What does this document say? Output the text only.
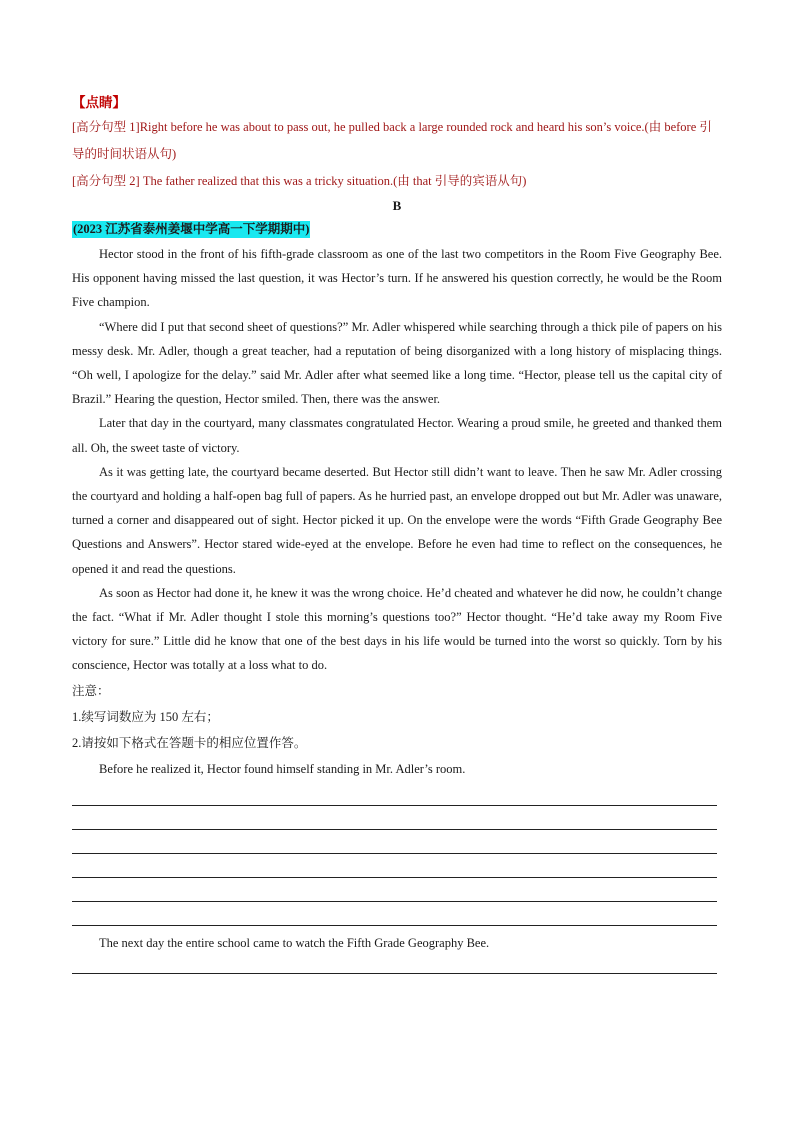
【点睛】
[高分句型 1]Right before he was about to pass out, he pulled back a large rounded rock and heard his son’s voice.(由 before 引导的时间状语从句)
[高分句型 2] The father realized that this was a tricky situation.(由 that 引导的宾语从句)
B
(2023 江苏省泰州姜堰中学高一下学期期中)

Hector stood in the front of his fifth-grade classroom as one of the last two competitors in the Room Five Geography Bee. His opponent having missed the last question, it was Hector’s turn. If he answered his question correctly, he would be the Room Five champion.

“Where did I put that second sheet of questions?” Mr. Adler whispered while searching through a thick pile of papers on his messy desk. Mr. Adler, though a great teacher, had a reputation of being disorganized with a long history of misplacing things. “Oh well, I apologize for the delay.” said Mr. Adler after what seemed like a long time. “Hector, please tell us the capital city of Brazil.” Hearing the question, Hector smiled. Then, there was the answer.

Later that day in the courtyard, many classmates congratulated Hector. Wearing a proud smile, he greeted and thanked them all. Oh, the sweet taste of victory.

As it was getting late, the courtyard became deserted. But Hector still didn’t want to leave. Then he saw Mr. Adler crossing the courtyard and holding a half-open bag full of papers. As he hurried past, an envelope dropped out but Mr. Adler was unaware, turned a corner and disappeared out of sight. Hector picked it up. On the envelope were the words “Fifth Grade Geography Bee Questions and Answers”. Hector stared wide-eyed at the envelope. Before he even had time to reflect on the consequences, he opened it and read the questions.

As soon as Hector had done it, he knew it was the wrong choice. He’d cheated and whatever he did now, he couldn’t change the fact. “What if Mr. Adler thought I stole this morning’s questions too?” Hector thought. “He’d take away my Room Five victory for sure.” Little did he know that one of the best days in his life would be turned into the worst so quickly. Torn by his conscience, Hector was totally at a loss what to do.

注意：

1.续写词数应为 150 左右；

2.请按如下格式在答题卡的相应位置作答。

Before he realized it, Hector found himself standing in Mr. Adler’s room.

The next day the entire school came to watch the Fifth Grade Geography Bee.
